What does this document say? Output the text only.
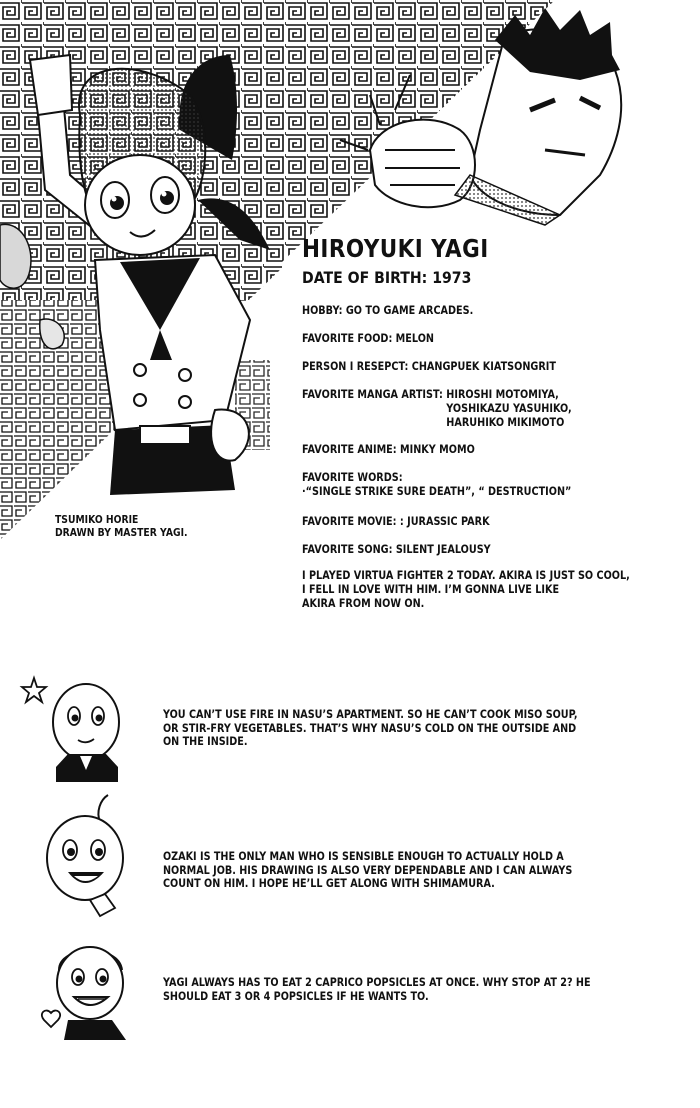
HIROYUKI YAGI
DATE OF BIRTH: 1973
HOBBY: GO TO GAME ARCADES.
FAVORITE FOOD: MELON
PERSON I RESEPCT: CHANGPUEK KIATSONGRIT
FAVORITE MANGA ARTIST: HIROSHI MOTOMIYA,
YOSHIKAZU YASUHIKO,
HARUHIKO MIKIMOTO
FAVORITE ANIME: MINKY MOMO
FAVORITE WORDS:
·“SINGLE STRIKE SURE DEATH”, “ DESTRUCTION”
FAVORITE MOVIE: : JURASSIC PARK
FAVORITE SONG: SILENT JEALOUSY
I PLAYED VIRTUA FIGHTER 2 TODAY. AKIRA IS JUST SO COOL,
I FELL IN LOVE WITH HIM. I’M GONNA LIVE LIKE
AKIRA FROM NOW ON.
TSUMIKO HORIE
DRAWN BY MASTER YAGI.

YOU CAN’T USE FIRE IN NASU’S APARTMENT. SO HE CAN’T COOK MISO SOUP, OR STIR-FRY VEGETABLES. THAT’S WHY NASU’S COLD ON THE OUTSIDE AND ON THE INSIDE.

OZAKI IS THE ONLY MAN WHO IS SENSIBLE ENOUGH TO ACTUALLY HOLD A NORMAL JOB. HIS DRAWING IS ALSO VERY DEPENDABLE AND I CAN ALWAYS COUNT ON HIM. I HOPE HE’LL GET ALONG WITH SHIMAMURA.

YAGI ALWAYS HAS TO EAT 2 CAPRICO POPSICLES AT ONCE. WHY STOP AT 2? HE SHOULD EAT 3 OR 4 POPSICLES IF HE WANTS TO.
